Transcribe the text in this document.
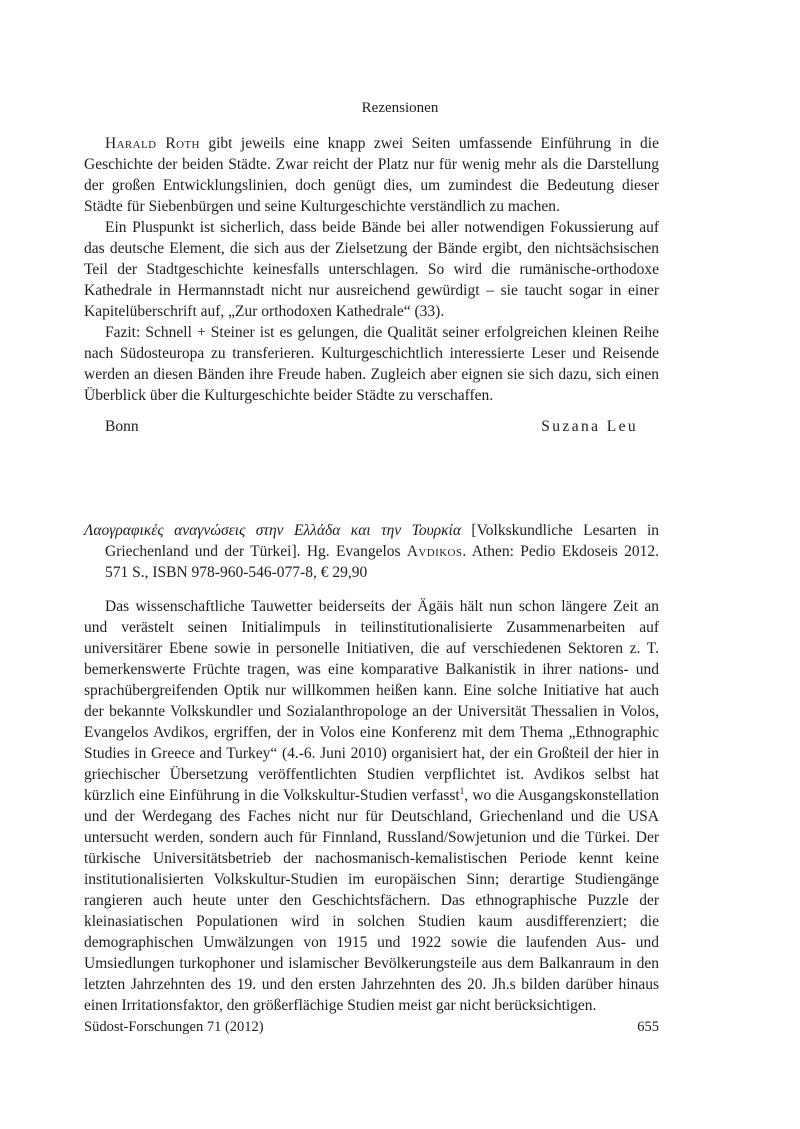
Rezensionen

Harald Roth gibt jeweils eine knapp zwei Seiten umfassende Einführung in die Geschichte der beiden Städte. Zwar reicht der Platz nur für wenig mehr als die Darstellung der großen Entwicklungslinien, doch genügt dies, um zumindest die Bedeutung dieser Städte für Siebenbürgen und seine Kulturgeschichte verständlich zu machen.

Ein Pluspunkt ist sicherlich, dass beide Bände bei aller notwendigen Fokussierung auf das deutsche Element, die sich aus der Zielsetzung der Bände ergibt, den nichtsächsischen Teil der Stadtgeschichte keinesfalls unterschlagen. So wird die rumänische-orthodoxe Kathedrale in Hermannstadt nicht nur ausreichend gewürdigt – sie taucht sogar in einer Kapitelüberschrift auf, „Zur orthodoxen Kathedrale“ (33).

Fazit: Schnell + Steiner ist es gelungen, die Qualität seiner erfolgreichen kleinen Reihe nach Südosteuropa zu transferieren. Kulturgeschichtlich interessierte Leser und Reisende werden an diesen Bänden ihre Freude haben. Zugleich aber eignen sie sich dazu, sich einen Überblick über die Kulturgeschichte beider Städte zu verschaffen.

Bonn	Suzana Leu
Λαογραφικές αναγνώσεις στην Ελλάδα και την Τουρκία [Volkskundliche Lesarten in Griechenland und der Türkei]. Hg. Evangelos Avdikos. Athen: Pedio Ekdoseis 2012. 571 S., ISBN 978-960-546-077-8, € 29,90

Das wissenschaftliche Tauwetter beiderseits der Ägäis hält nun schon längere Zeit an und verästelt seinen Initialimpuls in teilinstitutionalisierte Zusammenarbeiten auf universitärer Ebene sowie in personelle Initiativen, die auf verschiedenen Sektoren z. T. bemerkenswerte Früchte tragen, was eine komparative Balkanistik in ihrer nations- und sprachübergreifenden Optik nur willkommen heißen kann. Eine solche Initiative hat auch der bekannte Volkskundler und Sozialanthropologe an der Universität Thessalien in Volos, Evangelos Avdikos, ergriffen, der in Volos eine Konferenz mit dem Thema „Ethnographic Studies in Greece and Turkey“ (4.-6. Juni 2010) organisiert hat, der ein Großteil der hier in griechischer Übersetzung veröffentlichten Studien verpflichtet ist. Avdikos selbst hat kürzlich eine Einführung in die Volkskultur-Studien verfasst$^1$, wo die Ausgangskonstellation und der Werdegang des Faches nicht nur für Deutschland, Griechenland und die USA untersucht werden, sondern auch für Finnland, Russland/Sowjetunion und die Türkei. Der türkische Universitätsbetrieb der nachosmanisch-kemalistischen Periode kennt keine institutionalisierten Volkskultur-Studien im europäischen Sinn; derartige Studiengänge rangieren auch heute unter den Geschichtsfächern. Das ethnographische Puzzle der kleinasiatischen Populationen wird in solchen Studien kaum ausdifferenziert; die demographischen Umwälzungen von 1915 und 1922 sowie die laufenden Aus- und Umsiedlungen turkophoner und islamischer Bevölkerungsteile aus dem Balkanraum in den letzten Jahrzehnten des 19. und den ersten Jahrzehnten des 20. Jh.s bilden darüber hinaus einen Irritationsfaktor, den größerflächige Studien meist gar nicht berücksichtigen.

Südost-Forschungen 71 (2012)	655
